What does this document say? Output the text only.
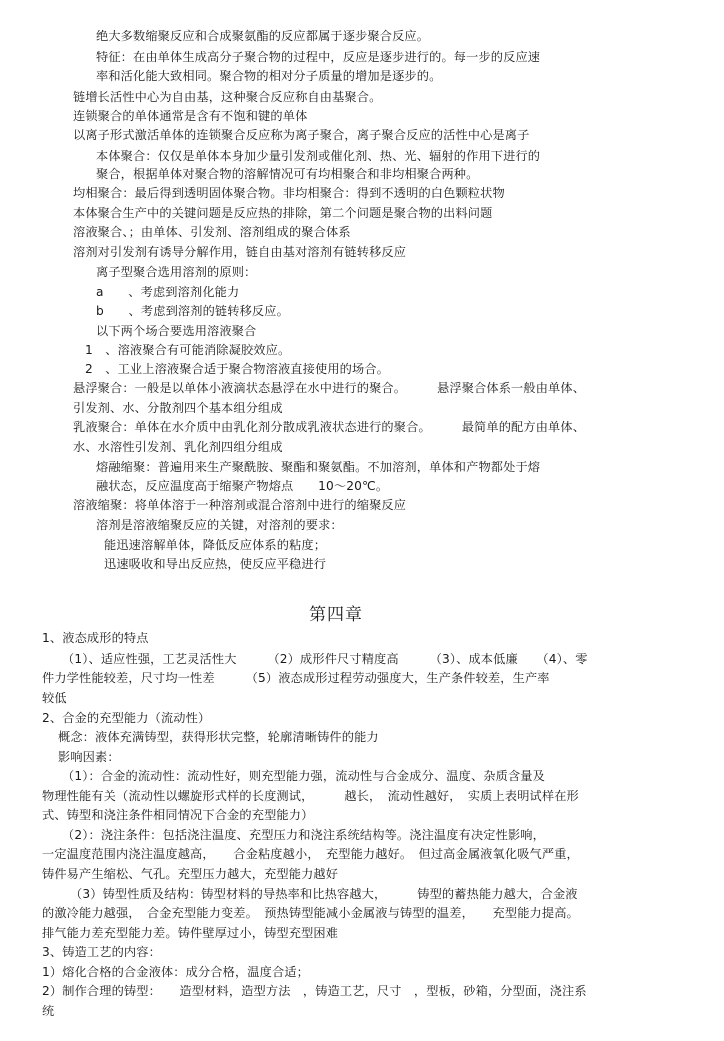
绝大多数缩聚反应和合成聚氨酯的反应都属于逐步聚合反应。
特征：在由单体生成高分子聚合物的过程中，反应是逐步进行的。每一步的反应速
率和活化能大致相同。聚合物的相对分子质量的增加是逐步的。
链增长活性中心为自由基，这种聚合反应称自由基聚合。
连锁聚合的单体通常是含有不饱和键的单体
以离子形式激活单体的连锁聚合反应称为离子聚合，离子聚合反应的活性中心是离子
本体聚合：仅仅是单体本身加少量引发剂或催化剂、热、光、辐射的作用下进行的
聚合，根据单体对聚合物的溶解情况可有均相聚合和非均相聚合两种。
均相聚合：最后得到透明固体聚合物。非均相聚合：得到不透明的白色颗粒状物
本体聚合生产中的关键问题是反应热的排除，第二个问题是聚合物的出料问题
溶液聚合、；由单体、引发剂、溶剂组成的聚合体系
溶剂对引发剂有诱导分解作用，链自由基对溶剂有链转移反应
离子型聚合选用溶剂的原则：
a　　、考虑到溶剂化能力
b　　、考虑到溶剂的链转移反应。
以下两个场合要选用溶液聚合
1　、溶液聚合有可能消除凝胶效应。
2　、工业上溶液聚合适于聚合物溶液直接使用的场合。
悬浮聚合：一般是以单体小液滴状态悬浮在水中进行的聚合。　　　悬浮聚合体系一般由单体、
引发剂、水、分散剂四个基本组分组成
乳液聚合：单体在水介质中由乳化剂分散成乳液状态进行的聚合。　　　最简单的配方由单体、
水、水溶性引发剂、乳化剂四组分组成
熔融缩聚：普遍用来生产聚酰胺、聚酯和聚氨酯。不加溶剂，单体和产物都处于熔
融状态，反应温度高于缩聚产物熔点　　10～20℃。
溶液缩聚：将单体溶于一种溶剂或混合溶剂中进行的缩聚反应
溶剂是溶液缩聚反应的关键，对溶剂的要求：
能迅速溶解单体，降低反应体系的粘度；
迅速吸收和导出反应热，使反应平稳进行
第四章
1、液态成形的特点
（1）、适应性强，工艺灵活性大　　　（2）成形件尺寸精度高　　　（3）、成本低廉　　（4）、零
件力学性能较差，尺寸均一性差　　　（5）液态成形过程劳动强度大，生产条件较差，生产率
较低
2、合金的充型能力（流动性）
概念：液体充满铸型，获得形状完整，轮廓清晰铸件的能力
影响因素：
（1）：合金的流动性：流动性好，则充型能力强，流动性与合金成分、温度、杂质含量及
物理性能有关（流动性以螺旋形式样的长度测试，　　　越长，　流动性越好，　实质上表明试样在形
式、铸型和浇注条件相同情况下合金的充型能力）
（2）：浇注条件：包括浇注温度、充型压力和浇注系统结构等。浇注温度有决定性影响，
一定温度范围内浇注温度越高，　　合金粘度越小，　充型能力越好。　但过高金属液氧化吸气严重，
铸件易产生缩松、气孔。充型压力越大，充型能力越好
（3）铸型性质及结构：铸型材料的导热率和比热容越大，　　　铸型的蓄热能力越大，合金液
的激冷能力越强，　合金充型能力变差。　预热铸型能减小金属液与铸型的温差，　　充型能力提高。
排气能力差充型能力差。铸件壁厚过小，铸型充型困难
3、铸造工艺的内容：
1）熔化合格的合金液体：成分合格，温度合适；
2）制作合理的铸型：　　造型材料，造型方法　，铸造工艺，尺寸　，型板，砂箱，分型面，浇注系
统
